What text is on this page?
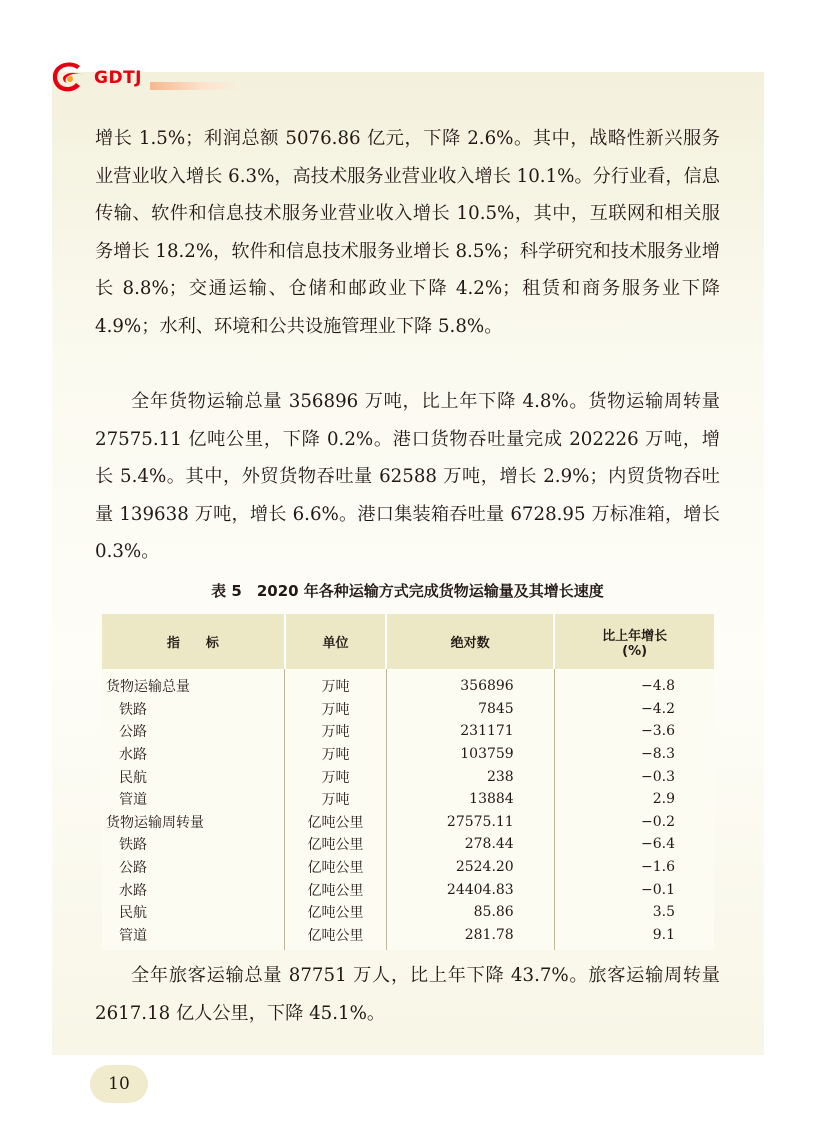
GDTJ

增长 1.5%；利润总额 5076.86 亿元，下降 2.6%。其中，战略性新兴服务业营业收入增长 6.3%，高技术服务业营业收入增长 10.1%。分行业看，信息传输、软件和信息技术服务业营业收入增长 10.5%，其中，互联网和相关服务增长 18.2%，软件和信息技术服务业增长 8.5%；科学研究和技术服务业增长 8.8%；交通运输、仓储和邮政业下降 4.2%；租赁和商务服务业下降 4.9%；水利、环境和公共设施管理业下降 5.8%。

全年货物运输总量 356896 万吨，比上年下降 4.8%。货物运输周转量 27575.11 亿吨公里，下降 0.2%。港口货物吞吐量完成 202226 万吨，增长 5.4%。其中，外贸货物吞吐量 62588 万吨，增长 2.9%；内贸货物吞吐量 139638 万吨，增长 6.6%。港口集装箱吞吐量 6728.95 万标准箱，增长 0.3%。

表 5　2020 年各种运输方式完成货物运输量及其增长速度
指　　标	单位	绝对数	比上年增长
(%)
货物运输总量	万吨	356896	−4.8
铁路	万吨	7845	−4.2
公路	万吨	231171	−3.6
水路	万吨	103759	−8.3
民航	万吨	238	−0.3
管道	万吨	13884	2.9
货物运输周转量	亿吨公里	27575.11	−0.2
铁路	亿吨公里	278.44	−6.4
公路	亿吨公里	2524.20	−1.6
水路	亿吨公里	24404.83	−0.1
民航	亿吨公里	85.86	3.5
管道	亿吨公里	281.78	9.1

全年旅客运输总量 87751 万人，比上年下降 43.7%。旅客运输周转量 2617.18 亿人公里，下降 45.1%。

10
